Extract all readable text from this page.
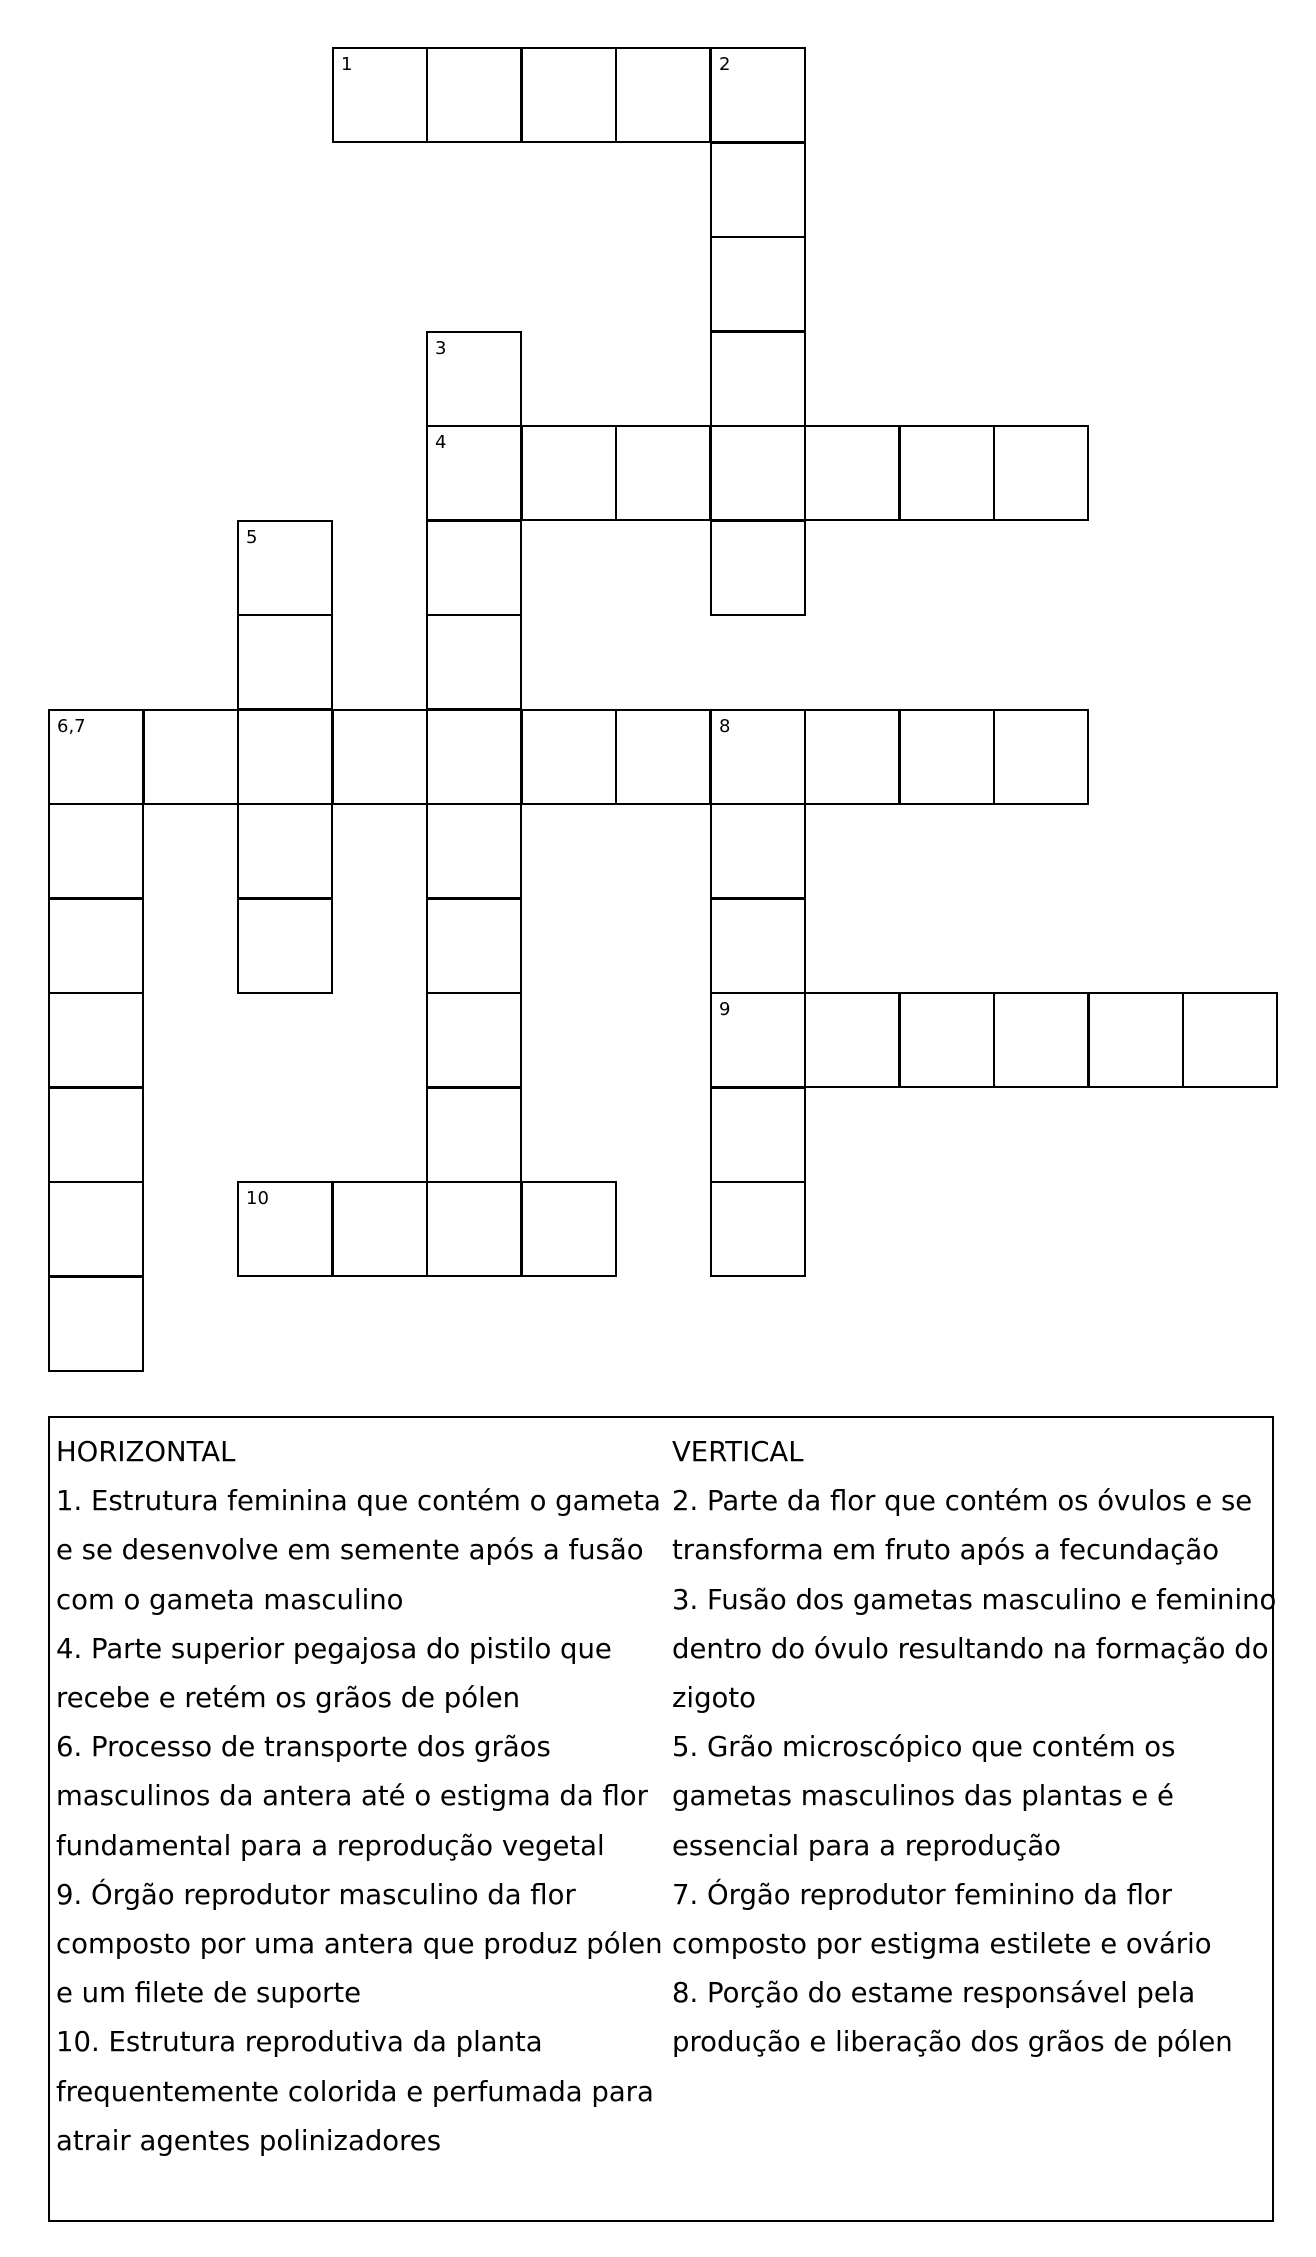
1	2
3
4
5
6,7	8
9
10
HORIZONTAL
1. Estrutura feminina que contém o gameta
e se desenvolve em semente após a fusão
com o gameta masculino
4. Parte superior pegajosa do pistilo que
recebe e retém os grãos de pólen
6. Processo de transporte dos grãos
masculinos da antera até o estigma da flor
fundamental para a reprodução vegetal
9. Órgão reprodutor masculino da flor
composto por uma antera que produz pólen
e um filete de suporte
10. Estrutura reprodutiva da planta
frequentemente colorida e perfumada para
atrair agentes polinizadores
VERTICAL
2. Parte da flor que contém os óvulos e se
transforma em fruto após a fecundação
3. Fusão dos gametas masculino e feminino
dentro do óvulo resultando na formação do
zigoto
5. Grão microscópico que contém os
gametas masculinos das plantas e é
essencial para a reprodução
7. Órgão reprodutor feminino da flor
composto por estigma estilete e ovário
8. Porção do estame responsável pela
produção e liberação dos grãos de pólen
